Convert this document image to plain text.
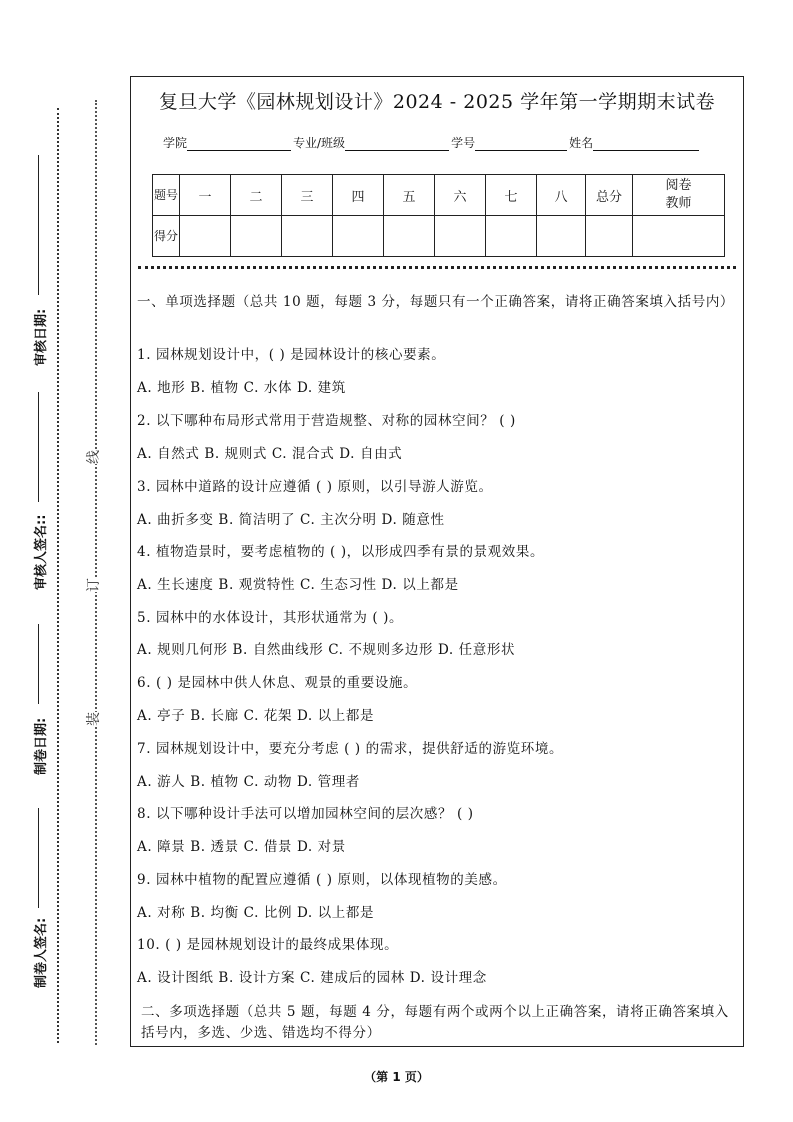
审核日期:
审核人签名::
制卷日期:
制卷人签名:
线
订
装
复旦大学《园林规划设计》2024 - 2025 学年第一学期期末试卷
学院	专业/班级	学号	姓名
题号	一	二	三	四	五	六	七	八	总分	阅卷教师
得分										
一、单项选择题（总共 10 题，每题 3 分，每题只有一个正确答案，请将正确答案填入括号内）
1. 园林规划设计中，( ) 是园林设计的核心要素。
A. 地形 B. 植物 C. 水体 D. 建筑
2. 以下哪种布局形式常用于营造规整、对称的园林空间？ ( )
A. 自然式 B. 规则式 C. 混合式 D. 自由式
3. 园林中道路的设计应遵循 ( ) 原则，以引导游人游览。
A. 曲折多变 B. 简洁明了 C. 主次分明 D. 随意性
4. 植物造景时，要考虑植物的 ( )，以形成四季有景的景观效果。
A. 生长速度 B. 观赏特性 C. 生态习性 D. 以上都是
5. 园林中的水体设计，其形状通常为 ( )。
A. 规则几何形 B. 自然曲线形 C. 不规则多边形 D. 任意形状
6. ( ) 是园林中供人休息、观景的重要设施。
A. 亭子 B. 长廊 C. 花架 D. 以上都是
7. 园林规划设计中，要充分考虑 ( ) 的需求，提供舒适的游览环境。
A. 游人 B. 植物 C. 动物 D. 管理者
8. 以下哪种设计手法可以增加园林空间的层次感？ ( )
A. 障景 B. 透景 C. 借景 D. 对景
9. 园林中植物的配置应遵循 ( ) 原则，以体现植物的美感。
A. 对称 B. 均衡 C. 比例 D. 以上都是
10. ( ) 是园林规划设计的最终成果体现。
A. 设计图纸 B. 设计方案 C. 建成后的园林 D. 设计理念
二、多项选择题（总共 5 题，每题 4 分，每题有两个或两个以上正确答案，请将正确答案填入括号内，多选、少选、错选均不得分）
（第 1 页）
